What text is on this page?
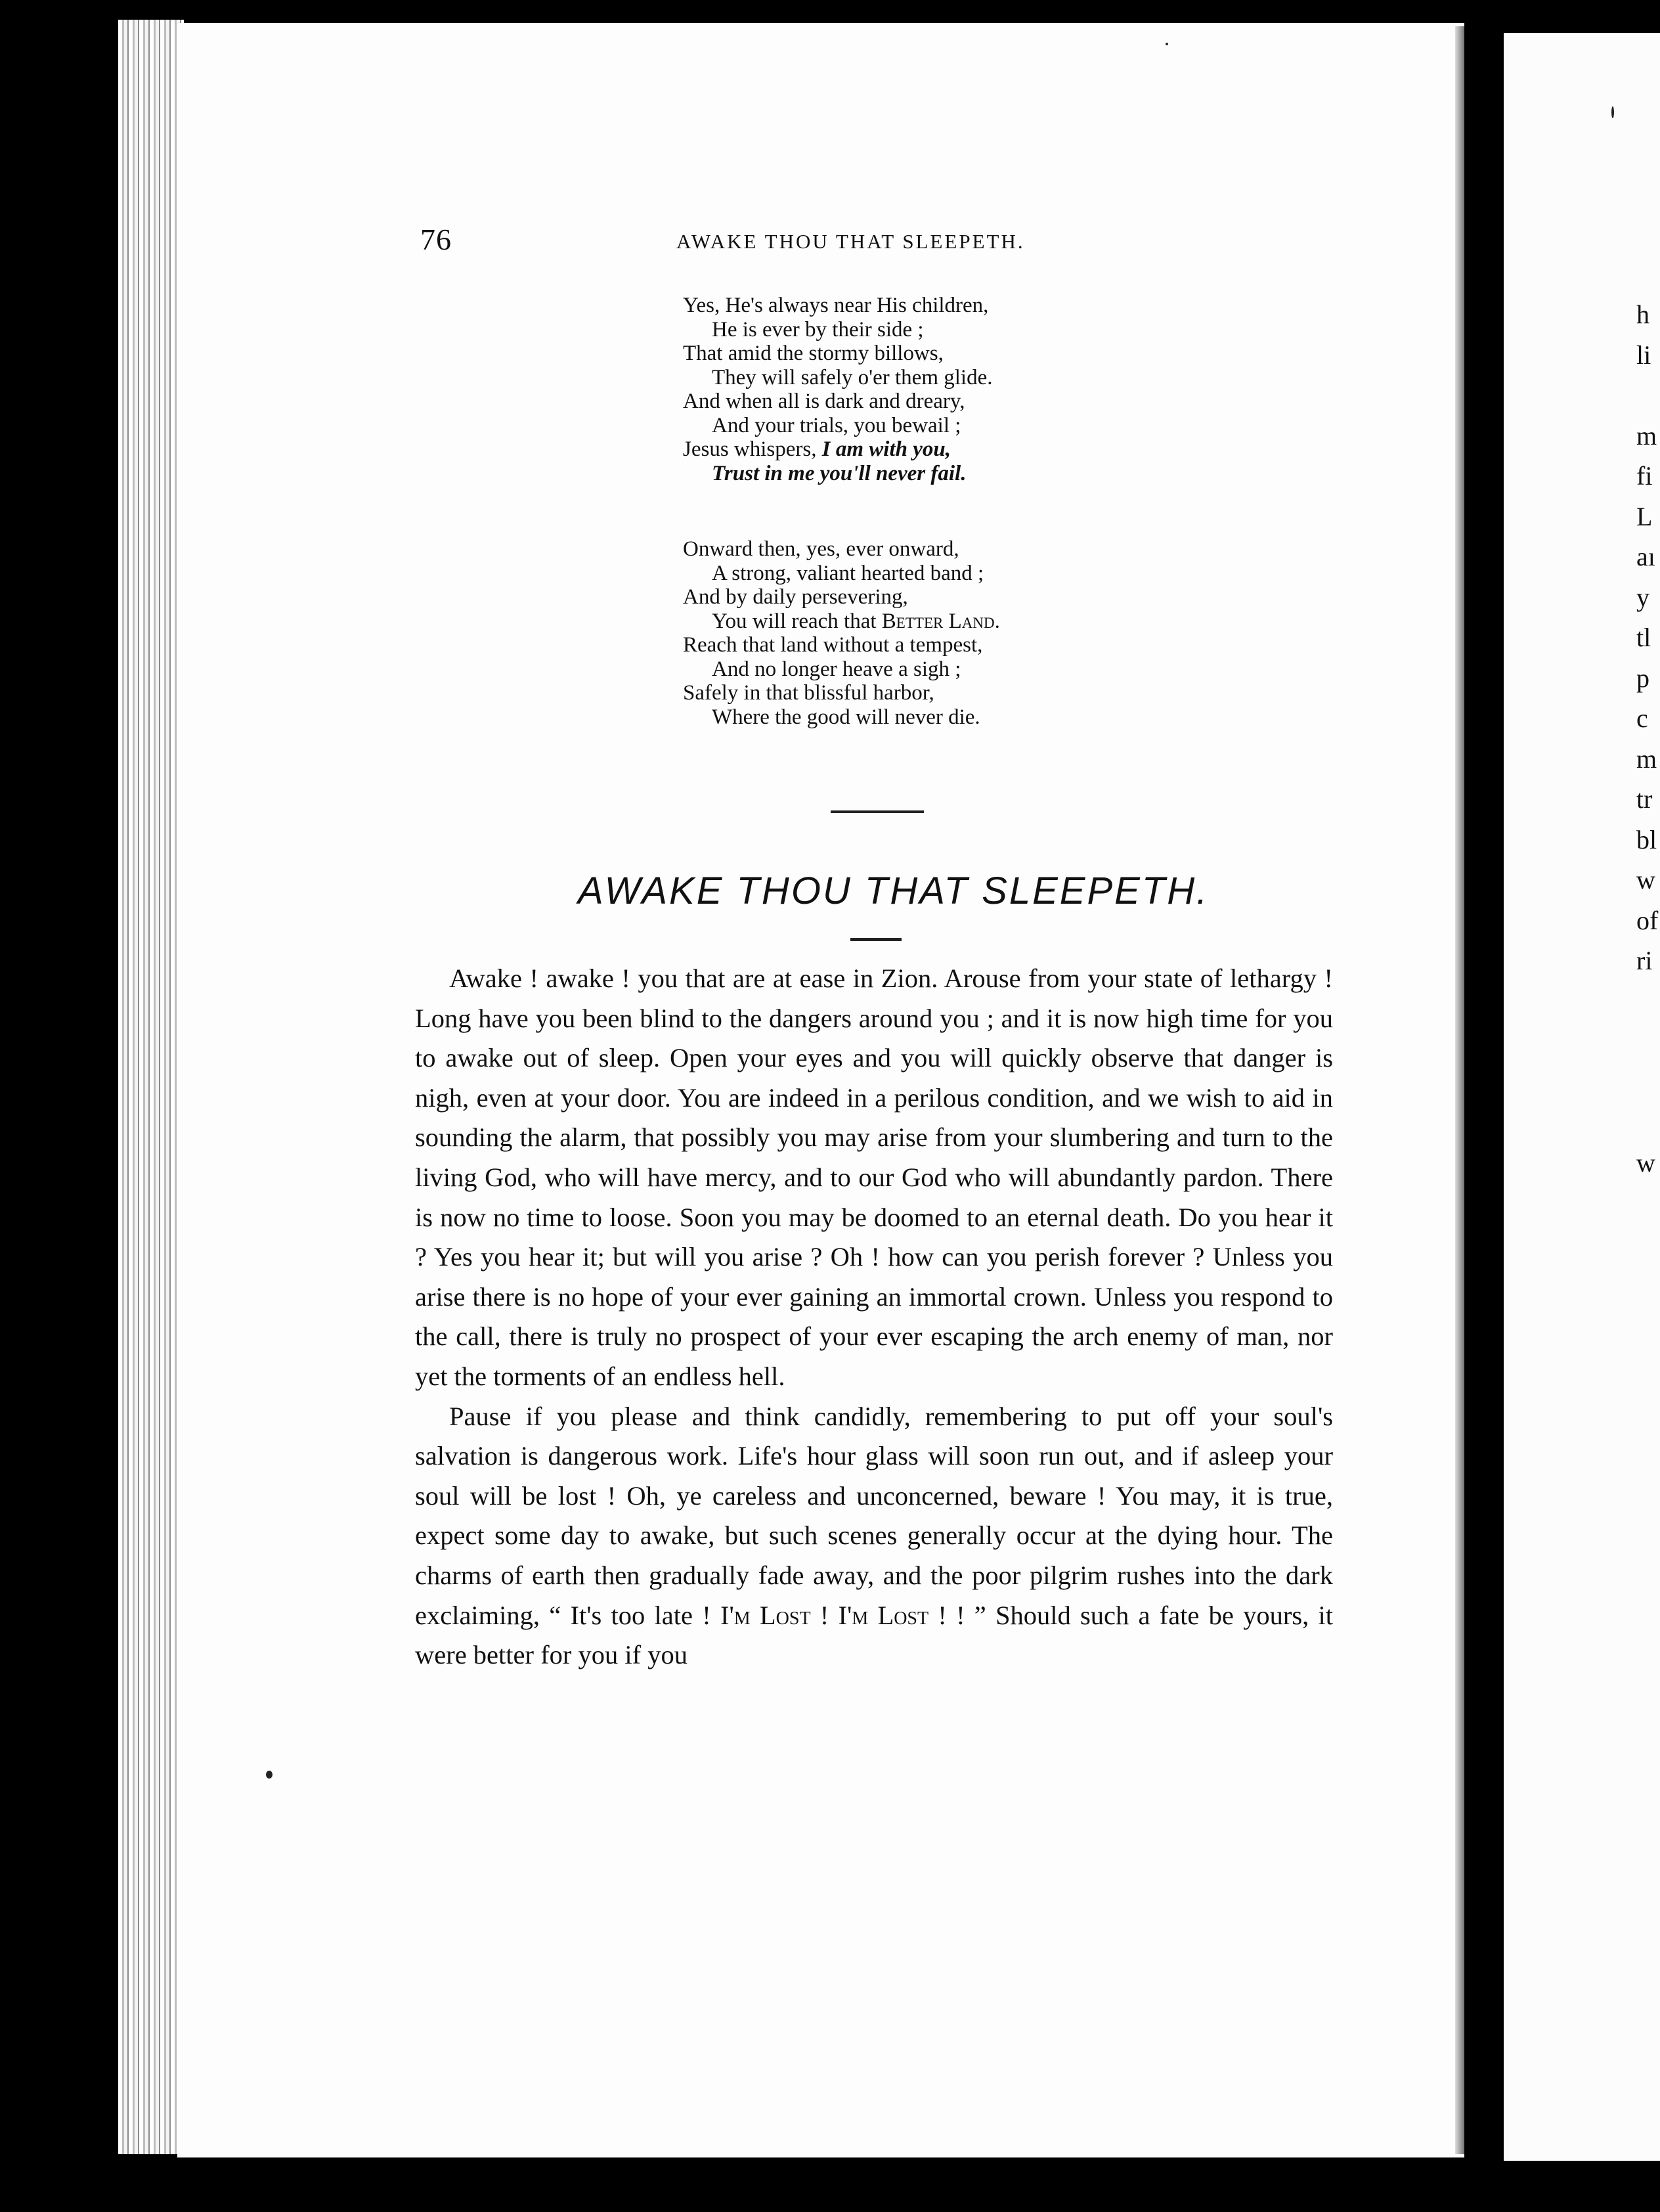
76	AWAKE THOU THAT SLEEPETH.
Yes, He's always near His children,
He is ever by their side ;
That amid the stormy billows,
They will safely o'er them glide.
And when all is dark and dreary,
And your trials, you bewail ;
Jesus whispers, I am with you,
Trust in me you'll never fail.
Onward then, yes, ever onward,
A strong, valiant hearted band ;
And by daily persevering,
You will reach that Better Land.
Reach that land without a tempest,
And no longer heave a sigh ;
Safely in that blissful harbor,
Where the good will never die.
AWAKE THOU THAT SLEEPETH.

Awake ! awake ! you that are at ease in Zion. Arouse from your state of lethargy ! Long have you been blind to the dangers around you ; and it is now high time for you to awake out of sleep. Open your eyes and you will quickly observe that danger is nigh, even at your door. You are indeed in a perilous condition, and we wish to aid in sounding the alarm, that possibly you may arise from your slumbering and turn to the living God, who will have mercy, and to our God who will abundantly pardon. There is now no time to loose. Soon you may be doomed to an eternal death. Do you hear it ? Yes you hear it; but will you arise ? Oh ! how can you perish forever ? Unless you arise there is no hope of your ever gaining an immortal crown. Unless you respond to the call, there is truly no prospect of your ever escaping the arch enemy of man, nor yet the torments of an endless hell.

Pause if you please and think candidly, remembering to put off your soul's salvation is dangerous work. Life's hour glass will soon run out, and if asleep your soul will be lost ! Oh, ye careless and unconcerned, beware ! You may, it is true, expect some day to awake, but such scenes generally occur at the dying hour. The charms of earth then gradually fade away, and the poor pilgrim rushes into the dark exclaiming, “ It's too late ! I'm Lost ! I'm Lost ! ! ” Should such a fate be yours, it were better for you if you

h
li
m
fi
L
aı
y
tl
p
c
m
tr
bl
w
of
ri
w
